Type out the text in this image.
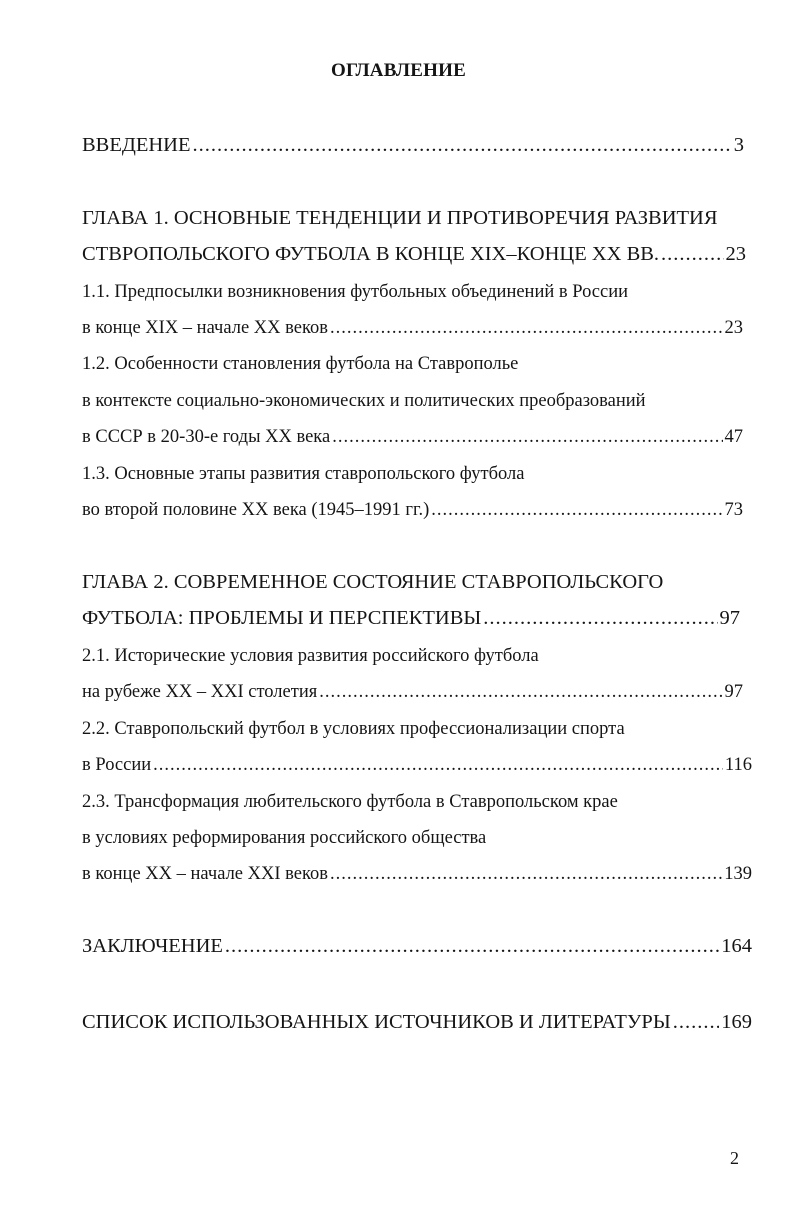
ОГЛАВЛЕНИЕ
ВВЕДЕНИЕ .....	3
ГЛАВА 1. ОСНОВНЫЕ ТЕНДЕНЦИИ И ПРОТИВОРЕЧИЯ РАЗВИТИЯ
СТВРОПОЛЬСКОГО ФУТБОЛА В КОНЦЕ XIX–КОНЦЕ XX ВВ. .....	23
1.1. Предпосылки возникновения футбольных объединений в России
в конце XIX – начале XX веков .....	23
1.2. Особенности становления футбола на Ставрополье
в контексте социально-экономических и политических преобразований
в СССР в 20-30-е годы XX века .....	47
1.3. Основные этапы развития ставропольского футбола
во второй половине XX века (1945–1991 гг.) .....	73
ГЛАВА 2. СОВРЕМЕННОЕ СОСТОЯНИЕ СТАВРОПОЛЬСКОГО
ФУТБОЛА: ПРОБЛЕМЫ И ПЕРСПЕКТИВЫ .....	97
2.1. Исторические условия развития российского футбола
на рубеже XX – XXI столетия .....	97
2.2. Ставропольский футбол в условиях профессионализации спорта
в России .....	116
2.3. Трансформация любительского футбола в Ставропольском крае
в условиях реформирования российского общества
в конце XX – начале XXI веков .....	139
ЗАКЛЮЧЕНИЕ .....	164
СПИСОК ИСПОЛЬЗОВАННЫХ ИСТОЧНИКОВ И ЛИТЕРАТУРЫ ..... 169
2
